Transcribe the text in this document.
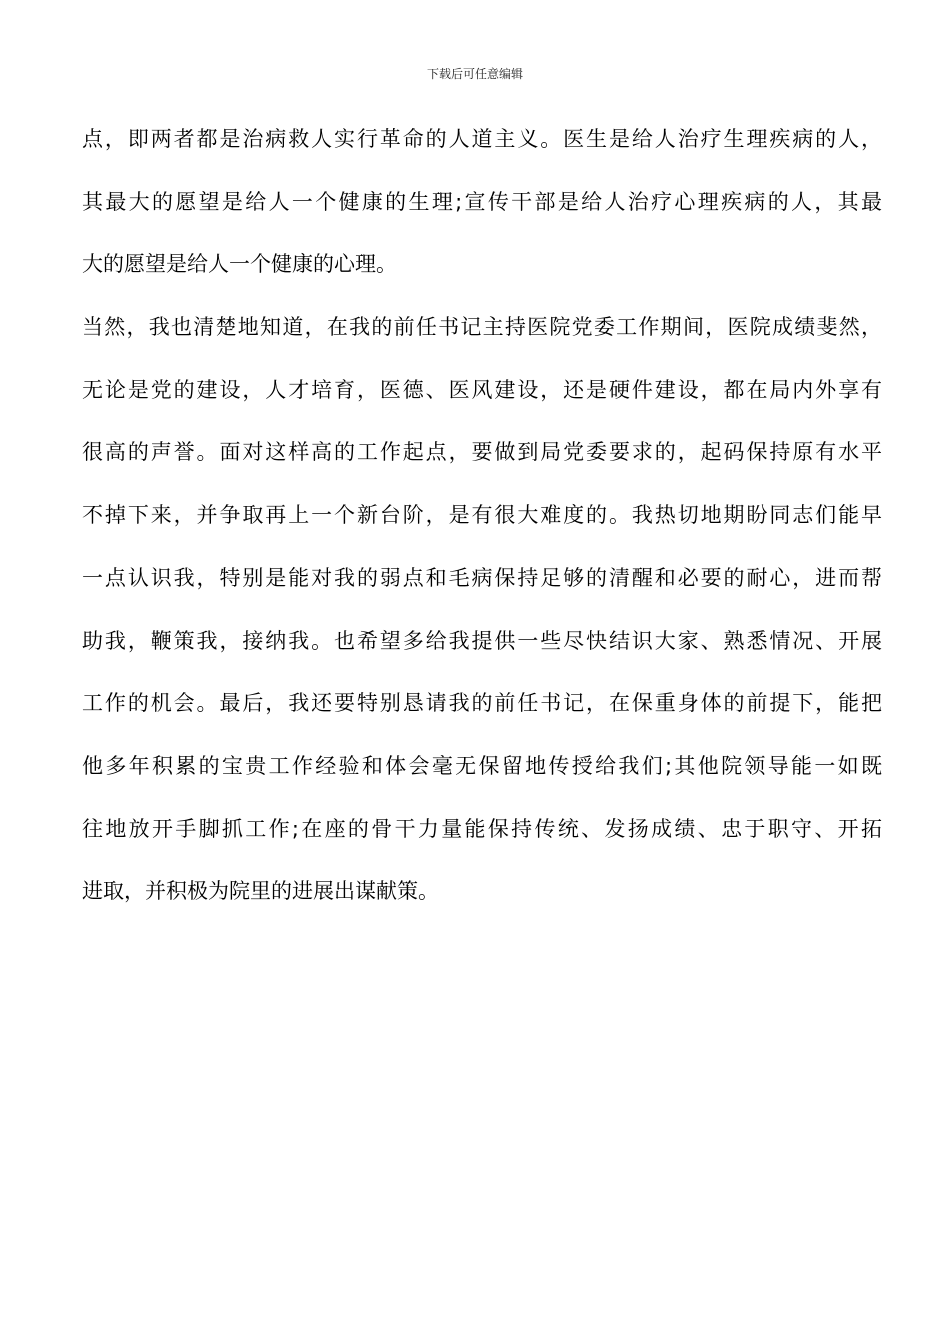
下载后可任意编辑
点，即两者都是治病救人实行革命的人道主义。医生是给人治疗生理疾病的人，
其最大的愿望是给人一个健康的生理;宣传干部是给人治疗心理疾病的人，其最
大的愿望是给人一个健康的心理。
当然，我也清楚地知道，在我的前任书记主持医院党委工作期间，医院成绩斐然，
无论是党的建设，人才培育，医德、医风建设，还是硬件建设，都在局内外享有
很高的声誉。面对这样高的工作起点，要做到局党委要求的，起码保持原有水平
不掉下来，并争取再上一个新台阶，是有很大难度的。我热切地期盼同志们能早
一点认识我，特别是能对我的弱点和毛病保持足够的清醒和必要的耐心，进而帮
助我，鞭策我，接纳我。也希望多给我提供一些尽快结识大家、熟悉情况、开展
工作的机会。最后，我还要特别恳请我的前任书记，在保重身体的前提下，能把
他多年积累的宝贵工作经验和体会毫无保留地传授给我们;其他院领导能一如既
往地放开手脚抓工作;在座的骨干力量能保持传统、发扬成绩、忠于职守、开拓
进取，并积极为院里的进展出谋献策。
